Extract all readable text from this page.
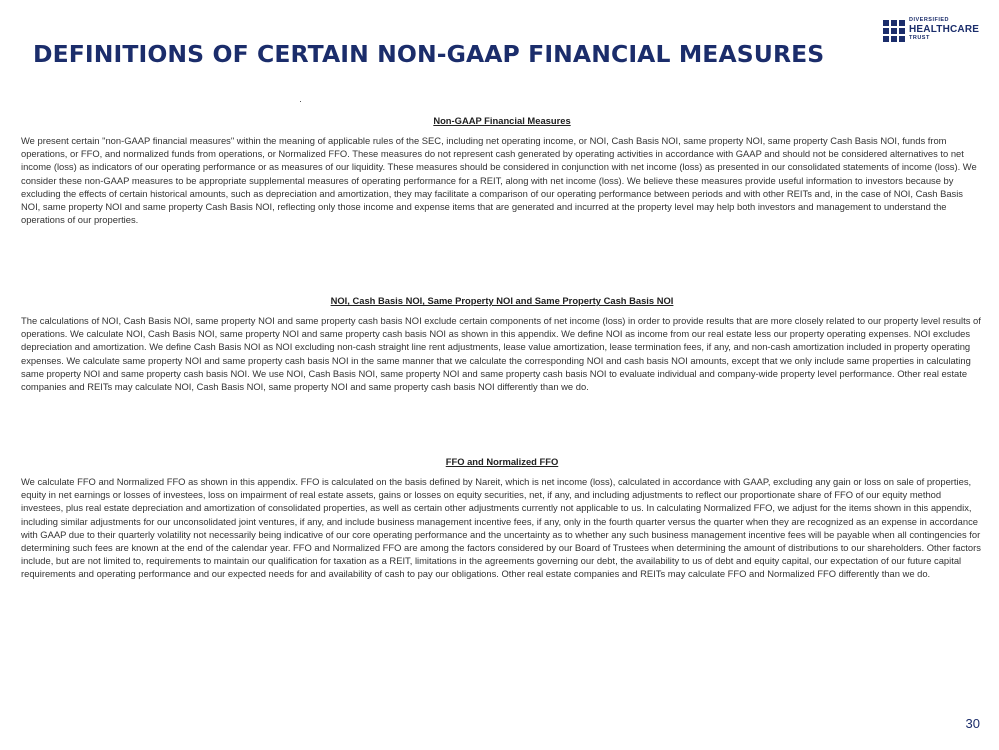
DEFINITIONS OF CERTAIN NON-GAAP FINANCIAL MEASURES
DIVERSIFIED
HEALTHCARE
TRUST
Non-GAAP Financial Measures

We present certain "non-GAAP financial measures" within the meaning of applicable rules of the SEC, including net operating income, or NOI, Cash Basis NOI, same property NOI, same property Cash Basis NOI, funds from operations, or FFO, and normalized funds from operations, or Normalized FFO. These measures do not represent cash generated by operating activities in accordance with GAAP and should not be considered alternatives to net income (loss) as indicators of our operating performance or as measures of our liquidity. These measures should be considered in conjunction with net income (loss) as presented in our consolidated statements of income (loss). We consider these non-GAAP measures to be appropriate supplemental measures of operating performance for a REIT, along with net income (loss). We believe these measures provide useful information to investors because by excluding the effects of certain historical amounts, such as depreciation and amortization, they may facilitate a comparison of our operating performance between periods and with other REITs and, in the case of NOI, Cash Basis NOI, same property NOI and same property Cash Basis NOI, reflecting only those income and expense items that are generated and incurred at the property level may help both investors and management to understand the operations of our properties.

NOI, Cash Basis NOI, Same Property NOI and Same Property Cash Basis NOI

The calculations of NOI, Cash Basis NOI, same property NOI and same property cash basis NOI exclude certain components of net income (loss) in order to provide results that are more closely related to our property level results of operations. We calculate NOI, Cash Basis NOI, same property NOI and same property cash basis NOI as shown in this appendix. We define NOI as income from our real estate less our property operating expenses. NOI excludes depreciation and amortization. We define Cash Basis NOI as NOI excluding non-cash straight line rent adjustments, lease value amortization, lease termination fees, if any, and non-cash amortization included in property operating expenses. We calculate same property NOI and same property cash basis NOI in the same manner that we calculate the corresponding NOI and cash basis NOI amounts, except that we only include same properties in calculating same property NOI and same property cash basis NOI. We use NOI, Cash Basis NOI, same property NOI and same property cash basis NOI to evaluate individual and company-wide property level performance. Other real estate companies and REITs may calculate NOI, Cash Basis NOI, same property NOI and same property cash basis NOI differently than we do.

FFO and Normalized FFO

We calculate FFO and Normalized FFO as shown in this appendix. FFO is calculated on the basis defined by Nareit, which is net income (loss), calculated in accordance with GAAP, excluding any gain or loss on sale of properties, equity in net earnings or losses of investees, loss on impairment of real estate assets, gains or losses on equity securities, net, if any, and including adjustments to reflect our proportionate share of FFO of our equity method investees, plus real estate depreciation and amortization of consolidated properties, as well as certain other adjustments currently not applicable to us. In calculating Normalized FFO, we adjust for the items shown in this appendix, including similar adjustments for our unconsolidated joint ventures, if any, and include business management incentive fees, if any, only in the fourth quarter versus the quarter when they are recognized as an expense in accordance with GAAP due to their quarterly volatility not necessarily being indicative of our core operating performance and the uncertainty as to whether any such business management incentive fees will be payable when all contingencies for determining such fees are known at the end of the calendar year. FFO and Normalized FFO are among the factors considered by our Board of Trustees when determining the amount of distributions to our shareholders. Other factors include, but are not limited to, requirements to maintain our qualification for taxation as a REIT, limitations in the agreements governing our debt, the availability to us of debt and equity capital, our expectation of our future capital requirements and operating performance and our expected needs for and availability of cash to pay our obligations. Other real estate companies and REITs may calculate FFO and Normalized FFO differently than we do.

30
